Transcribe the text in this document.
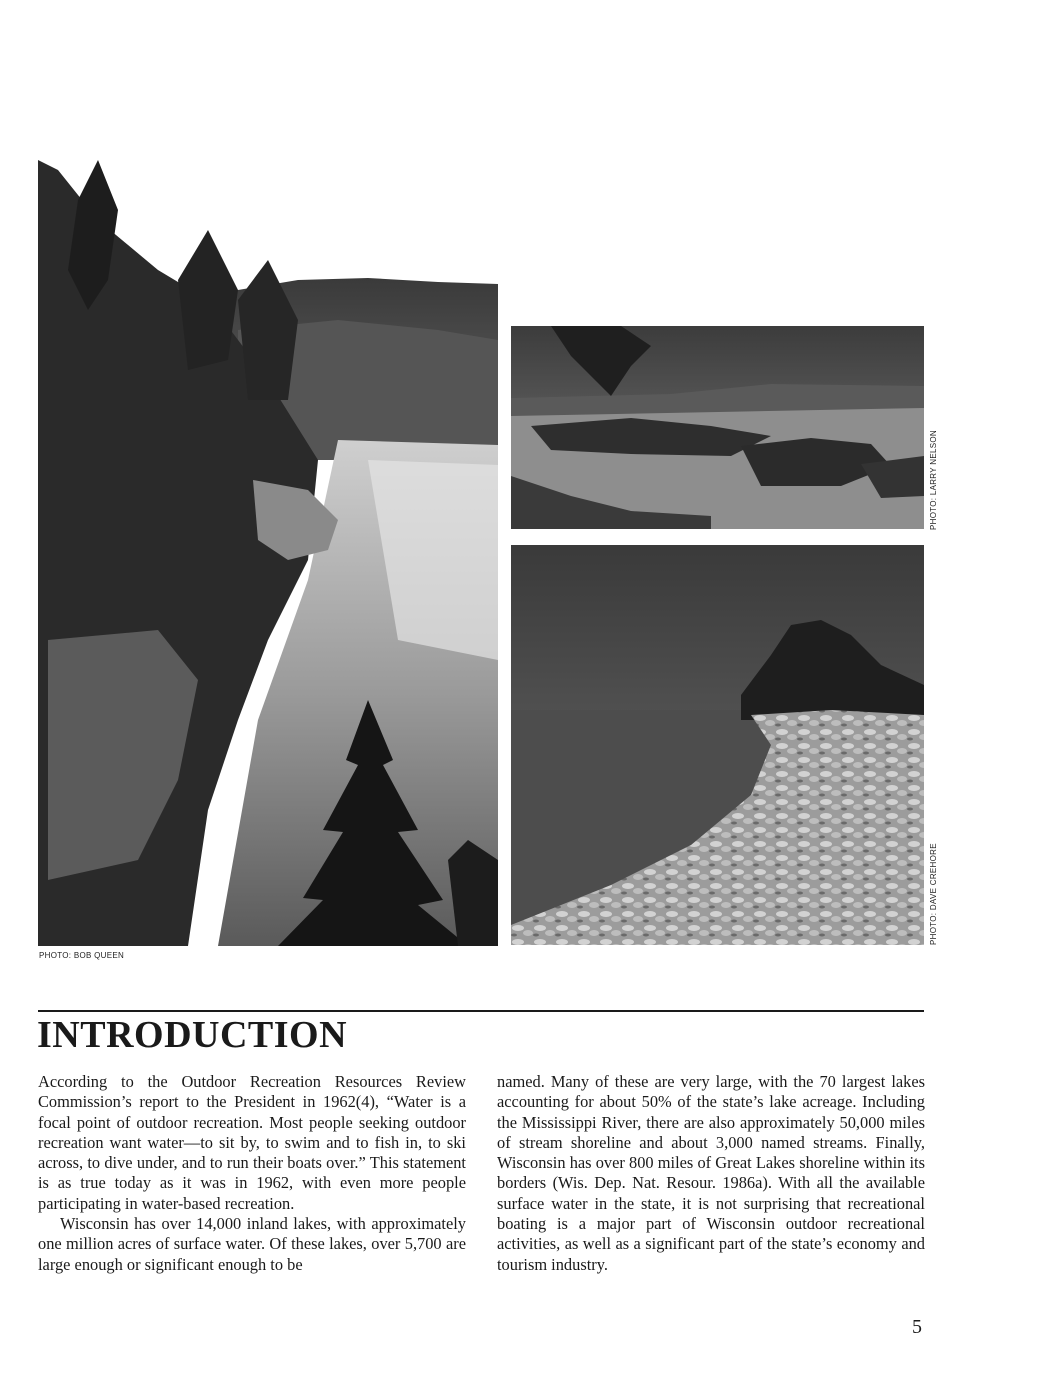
PHOTO: BOB QUEEN
PHOTO: LARRY NELSON
PHOTO: DAVE CREHORE
INTRODUCTION

According to the Outdoor Recreation Resources Review Commission’s report to the President in 1962(4), “Water is a focal point of outdoor recreation. Most people seeking outdoor recreation want water—to sit by, to swim and to fish in, to ski across, to dive under, and to run their boats over.” This statement is as true today as it was in 1962, with even more people participating in water-based recreation.

Wisconsin has over 14,000 inland lakes, with approximately one million acres of surface water. Of these lakes, over 5,700 are large enough or significant enough to be

named. Many of these are very large, with the 70 largest lakes accounting for about 50% of the state’s lake acreage. Including the Mississippi River, there are also approximately 50,000 miles of stream shoreline and about 3,000 named streams. Finally, Wisconsin has over 800 miles of Great Lakes shoreline within its borders (Wis. Dep. Nat. Resour. 1986a). With all the available surface water in the state, it is not surprising that recreational boating is a major part of Wisconsin outdoor recreational activities, as well as a significant part of the state’s economy and tourism industry.

5
